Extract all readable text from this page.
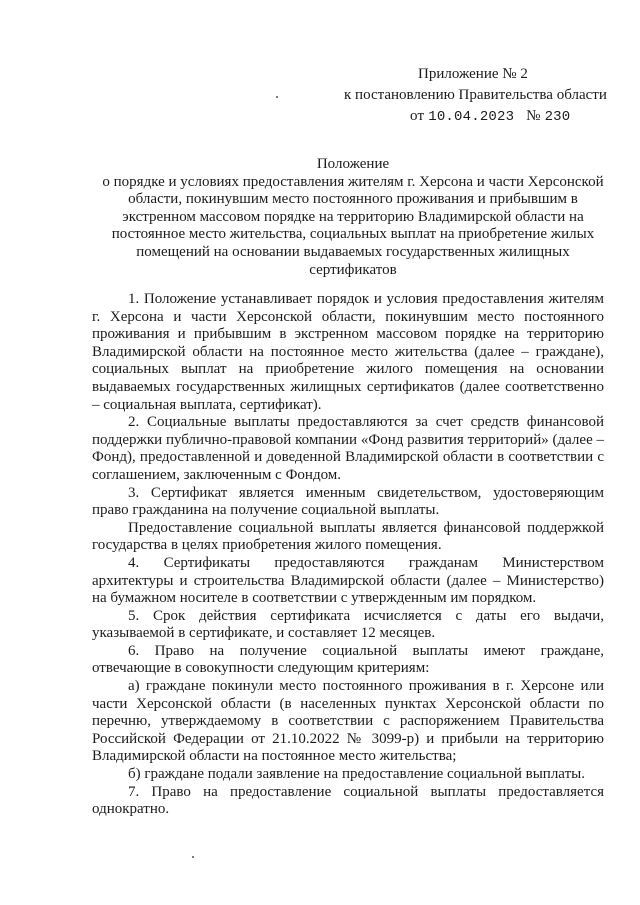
Приложение № 2
к постановлению Правительства области
от 10.04.2023 № 230
Положение
о порядке и условиях предоставления жителям г. Херсона и части Херсонской области, покинувшим место постоянного проживания и прибывшим в экстренном массовом порядке на территорию Владимирской области на постоянное место жительства, социальных выплат на приобретение жилых помещений на основании выдаваемых государственных жилищных сертификатов

1. Положение устанавливает порядок и условия предоставления жителям г. Херсона и части Херсонской области, покинувшим место постоянного проживания и прибывшим в экстренном массовом порядке на территорию Владимирской области на постоянное место жительства (далее – граждане), социальных выплат на приобретение жилого помещения на основании выдаваемых государственных жилищных сертификатов (далее соответственно – социальная выплата, сертификат).

2. Социальные выплаты предоставляются за счет средств финансовой поддержки публично-правовой компании «Фонд развития территорий» (далее – Фонд), предоставленной и доведенной Владимирской области в соответствии с соглашением, заключенным с Фондом.

3. Сертификат является именным свидетельством, удостоверяющим право гражданина на получение социальной выплаты.

Предоставление социальной выплаты является финансовой поддержкой государства в целях приобретения жилого помещения.

4. Сертификаты предоставляются гражданам Министерством архитектуры и строительства Владимирской области (далее – Министерство) на бумажном носителе в соответствии с утвержденным им порядком.

5. Срок действия сертификата исчисляется с даты его выдачи, указываемой в сертификате, и составляет 12 месяцев.

6. Право на получение социальной выплаты имеют граждане, отвечающие в совокупности следующим критериям:

а) граждане покинули место постоянного проживания в г. Херсоне или части Херсонской области (в населенных пунктах Херсонской области по перечню, утверждаемому в соответствии с распоряжением Правительства Российской Федерации от 21.10.2022 № 3099-р) и прибыли на территорию Владимирской области на постоянное место жительства;

б) граждане подали заявление на предоставление социальной выплаты.

7. Право на предоставление социальной выплаты предоставляется однократно.
